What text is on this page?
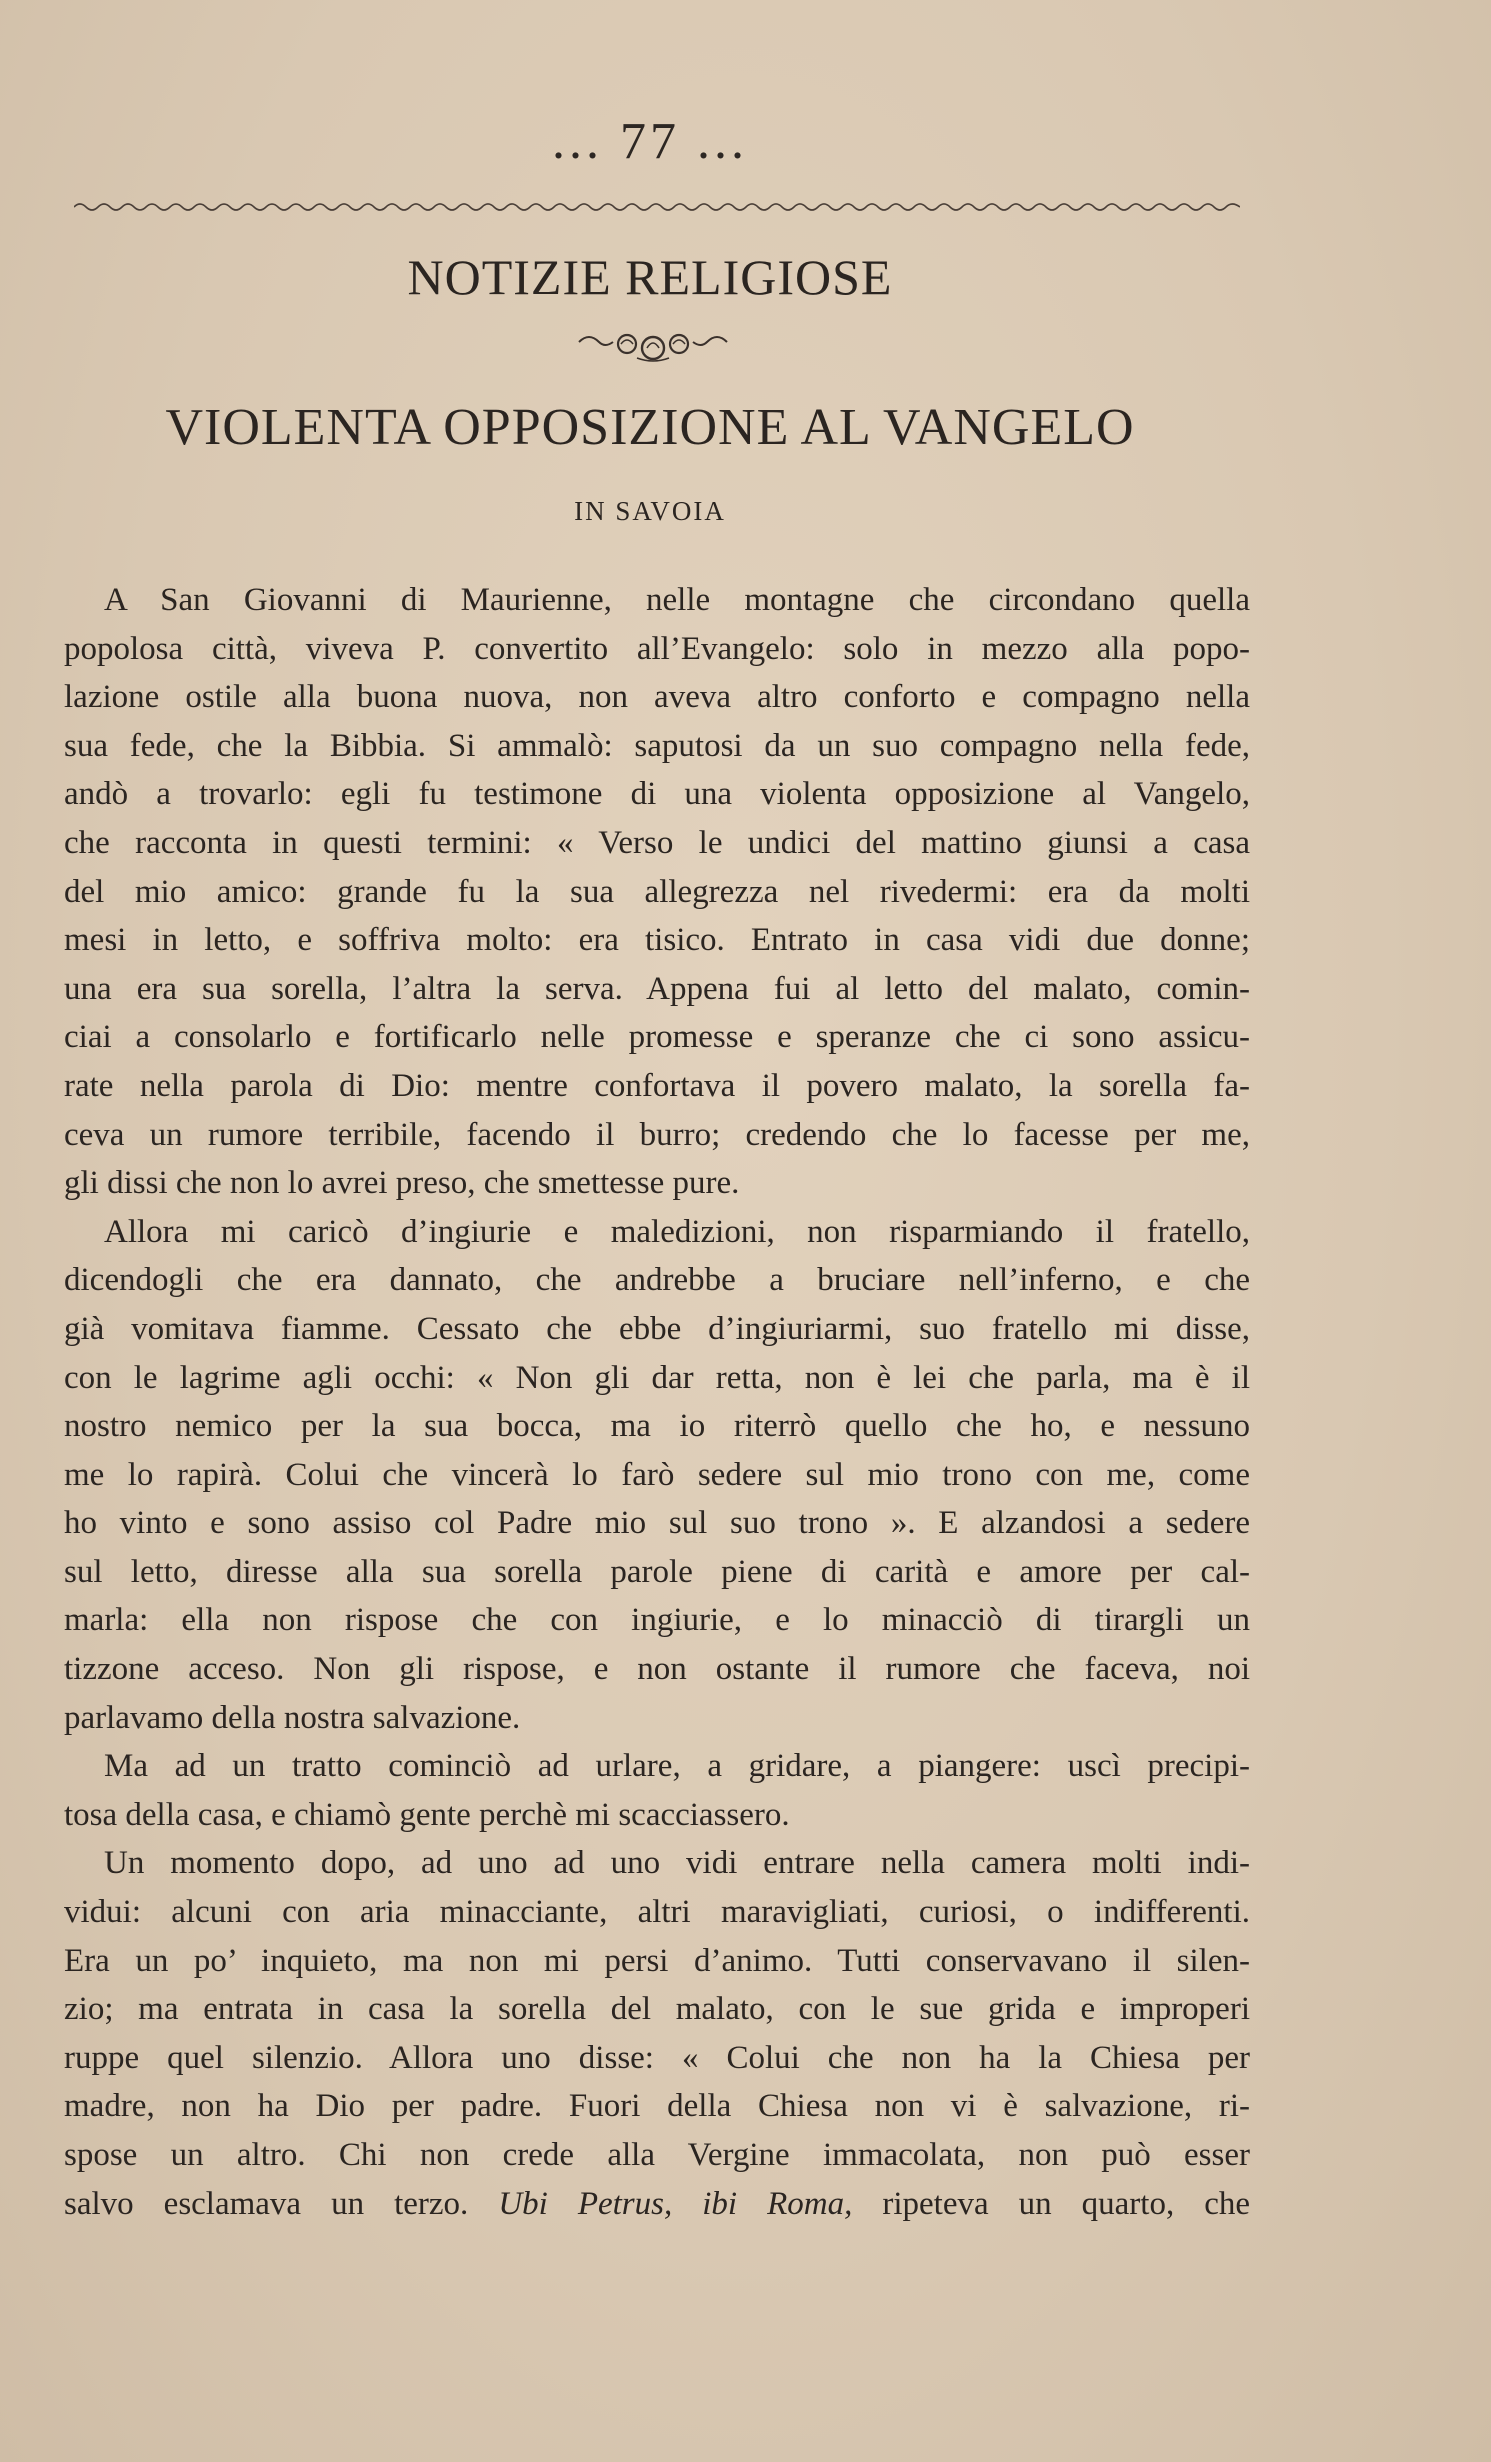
... 77 ...
NOTIZIE RELIGIOSE
VIOLENTA OPPOSIZIONE AL VANGELO
IN SAVOIA
A San Giovanni di Maurienne, nelle montagne che circondano quella
popolosa città, viveva P. convertito all’Evangelo: solo in mezzo alla popo-
lazione ostile alla buona nuova, non aveva altro conforto e compagno nella
sua fede, che la Bibbia. Si ammalò: saputosi da un suo compagno nella fede,
andò a trovarlo: egli fu testimone di una violenta opposizione al Vangelo,
che racconta in questi termini: « Verso le undici del mattino giunsi a casa
del mio amico: grande fu la sua allegrezza nel rivedermi: era da molti
mesi in letto, e soffriva molto: era tisico. Entrato in casa vidi due donne;
una era sua sorella, l’altra la serva. Appena fui al letto del malato, comin-
ciai a consolarlo e fortificarlo nelle promesse e speranze che ci sono assicu-
rate nella parola di Dio: mentre confortava il povero malato, la sorella fa-
ceva un rumore terribile, facendo il burro; credendo che lo facesse per me,
gli dissi che non lo avrei preso, che smettesse pure.
Allora mi caricò d’ingiurie e maledizioni, non risparmiando il fratello,
dicendogli che era dannato, che andrebbe a bruciare nell’inferno, e che
già vomitava fiamme. Cessato che ebbe d’ingiuriarmi, suo fratello mi disse,
con le lagrime agli occhi: « Non gli dar retta, non è lei che parla, ma è il
nostro nemico per la sua bocca, ma io riterrò quello che ho, e nessuno
me lo rapirà. Colui che vincerà lo farò sedere sul mio trono con me, come
ho vinto e sono assiso col Padre mio sul suo trono ». E alzandosi a sedere
sul letto, diresse alla sua sorella parole piene di carità e amore per cal-
marla: ella non rispose che con ingiurie, e lo minacciò di tirargli un
tizzone acceso. Non gli rispose, e non ostante il rumore che faceva, noi
parlavamo della nostra salvazione.
Ma ad un tratto cominciò ad urlare, a gridare, a piangere: uscì precipi-
tosa della casa, e chiamò gente perchè mi scacciassero.
Un momento dopo, ad uno ad uno vidi entrare nella camera molti indi-
vidui: alcuni con aria minacciante, altri maravigliati, curiosi, o indifferenti.
Era un po’ inquieto, ma non mi persi d’animo. Tutti conservavano il silen-
zio; ma entrata in casa la sorella del malato, con le sue grida e improperi
ruppe quel silenzio. Allora uno disse: « Colui che non ha la Chiesa per
madre, non ha Dio per padre. Fuori della Chiesa non vi è salvazione, ri-
spose un altro. Chi non crede alla Vergine immacolata, non può esser
salvo esclamava un terzo. Ubi Petrus, ibi Roma, ripeteva un quarto, che
